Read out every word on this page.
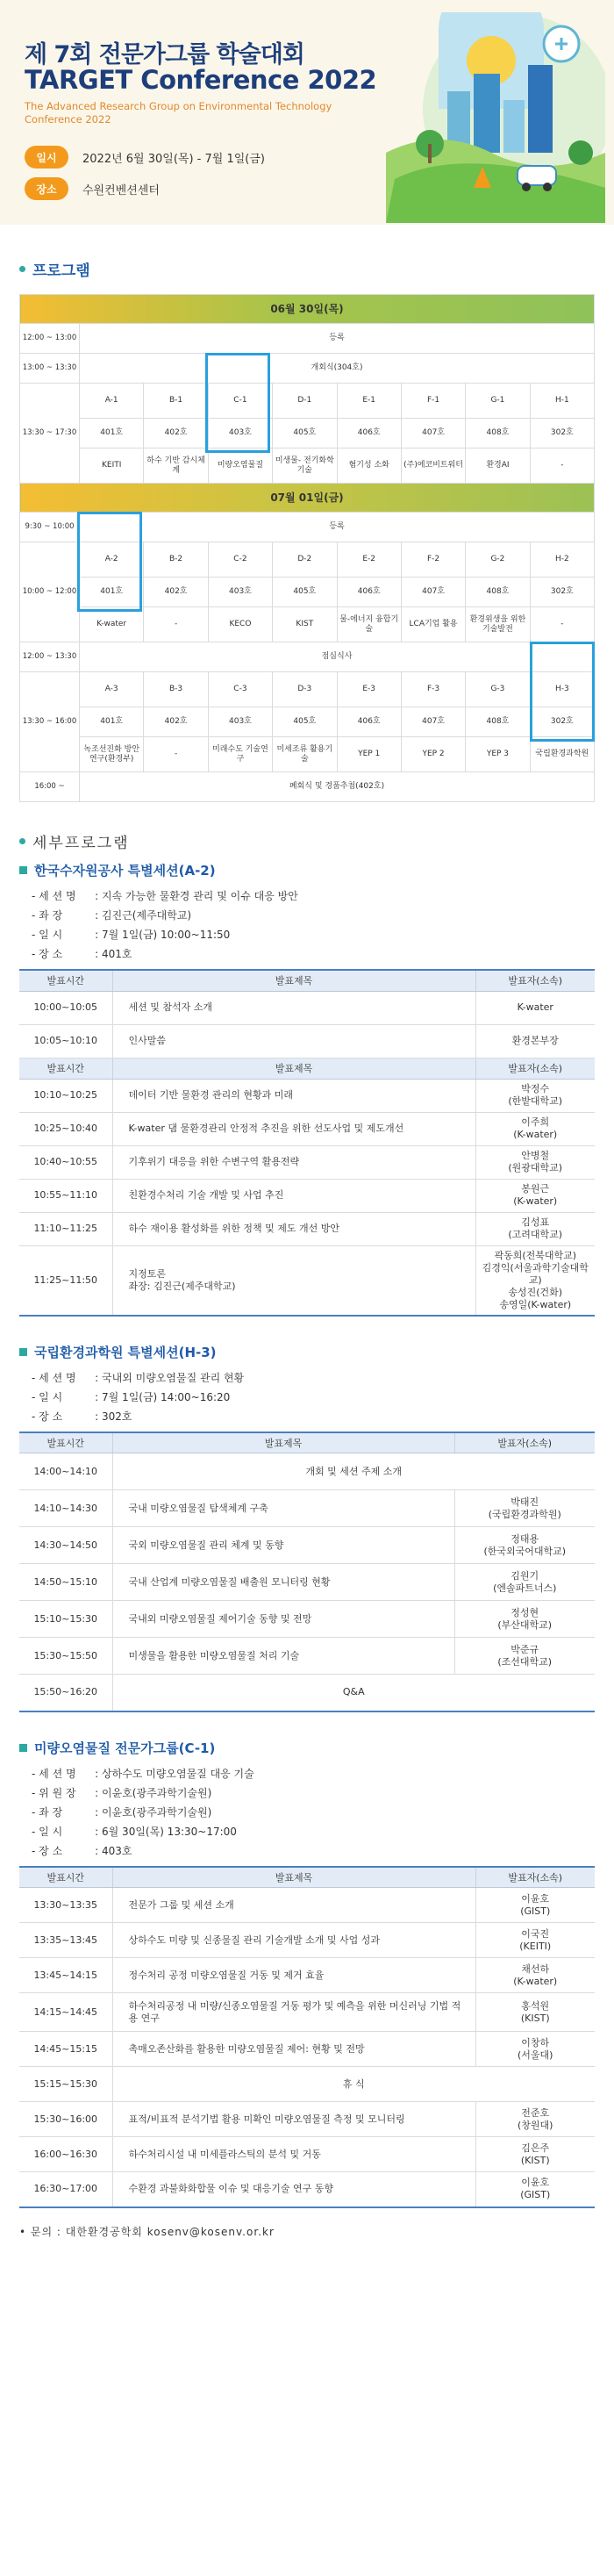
제 7회 전문가그룹 학술대회
TARGET Conference 2022
The Advanced Research Group on Environmental Technology Conference 2022
일시	2022년 6월 30일(목) - 7월 1일(금)
장소	수원컨벤션센터
프로그램
06월 30일(목)								
12:00 ~ 13:00	등록							
13:00 ~ 13:30	개회식(304호)							
13:30 ~ 17:30	A-1	B-1	C-1	D-1	E-1	F-1	G-1	H-1
	401호	402호	403호	405호	406호	407호	408호	302호
	KEITI	하수 기반 감시체계	미량오염물질	미생물- 전기화학기술	혐기성 소화	(주)에코비트워터	환경AI	-
07월 01일(금)								
9:30 ~ 10:00	등록							
10:00 ~ 12:00	A-2	B-2	C-2	D-2	E-2	F-2	G-2	H-2
	401호	402호	403호	405호	406호	407호	408호	302호
	K-water	-	KECO	KIST	물-에너지 융합기술	LCA기업 활용	환경위생을 위한 기술발전	-
12:00 ~ 13:30	점심식사							
13:30 ~ 16:00	A-3	B-3	C-3	D-3	E-3	F-3	G-3	H-3
	401호	402호	403호	405호	406호	407호	408호	302호
	녹조선진화 방안 연구(환경부)	-	미래수도 기술연구	미세조류 활용기술	YEP 1	YEP 2	YEP 3	국립환경과학원
16:00 ~	폐회식 및 경품추첨(402호)							
세부프로그램
한국수자원공사 특별세션(A-2)
- 세 션 명 : 지속 가능한 물환경 관리 및 이슈 대응 방안
- 좌 장	: 김진근(제주대학교)
- 일 시	: 7월 1일(금) 10:00~11:50
- 장 소	: 401호
발표시간	발표제목	발표자(소속)
10:00~10:05	세션 및 참석자 소개	K-water
10:05~10:10	인사말씀	환경본부장
발표시간	발표제목	발표자(소속)
10:10~10:25	데이터 기반 물환경 관리의 현황과 미래	박정수
(한밭대학교)
10:25~10:40	K-water 댐 물환경관리 안정적 추진을 위한 선도사업 및 제도개선	이주희
(K-water)
10:40~10:55	기후위기 대응을 위한 수변구역 활용전략	안병철
(원광대학교)
10:55~11:10	친환경수처리 기술 개발 및 사업 추진	봉원근
(K-water)
11:10~11:25	하수 재이용 활성화를 위한 정책 및 제도 개선 방안	김성표
(고려대학교)
11:25~11:50	지정토론
좌장: 김진근(제주대학교)	곽동희(전북대학교)
김경익(서울과학기술대학교)
송성진(건화)
송영일(K-water)
국립환경과학원 특별세션(H-3)
- 세 션 명 : 국내외 미량오염물질 관리 현황
- 일 시	: 7월 1일(금) 14:00~16:20
- 장 소	: 302호
발표시간	발표제목	발표자(소속)
14:00~14:10	개회 및 세션 주제 소개	
14:10~14:30	국내 미량오염물질 탐색체계 구축	박태진
(국립환경과학원)
14:30~14:50	국외 미량오염물질 관리 체계 및 동향	정태용
(한국외국어대학교)
14:50~15:10	국내 산업계 미량오염물질 배출원 모니터링 현황	김원기
(엔솔파트너스)
15:10~15:30	국내외 미량오염물질 제어기술 동향 및 전망	정성현
(부산대학교)
15:30~15:50	미생물을 활용한 미량오염물질 처리 기술	박준규
(조선대학교)
15:50~16:20	Q&A	
미량오염물질 전문가그룹(C-1)
- 세 션 명 : 상하수도 미량오염물질 대응 기술
- 위 원 장 : 이윤호(광주과학기술원)
- 좌 장	: 이윤호(광주과학기술원)
- 일 시	: 6월 30일(목) 13:30~17:00
- 장 소	: 403호
발표시간	발표제목	발표자(소속)
13:30~13:35	전문가 그룹 및 세션 소개	이윤호
(GIST)
13:35~13:45	상하수도 미량 및 신종물질 관리 기술개발 소개 및 사업 성과	이국진
(KEITI)
13:45~14:15	정수처리 공정 미량오염물질 거동 및 제거 효율	채선하
(K-water)
14:15~14:45	하수처리공정 내 미량/신종오염물질 거동 평가 및 예측을 위한 머신러닝 기법 적용 연구	홍석원
(KIST)
14:45~15:15	촉매오존산화를 활용한 미량오염물질 제어: 현황 및 전망	이창하
(서울대)
15:15~15:30	휴 식	
15:30~16:00	표적/비표적 분석기법 활용 미확인 미량오염물질 측정 및 모니터링	전준호
(창원대)
16:00~16:30	하수처리시설 내 미세플라스틱의 분석 및 거동	김은주
(KIST)
16:30~17:00	수환경 과불화화합물 이슈 및 대응기술 연구 동향	이윤호
(GIST)
• 문의 : 대한환경공학회 kosenv@kosenv.or.kr
